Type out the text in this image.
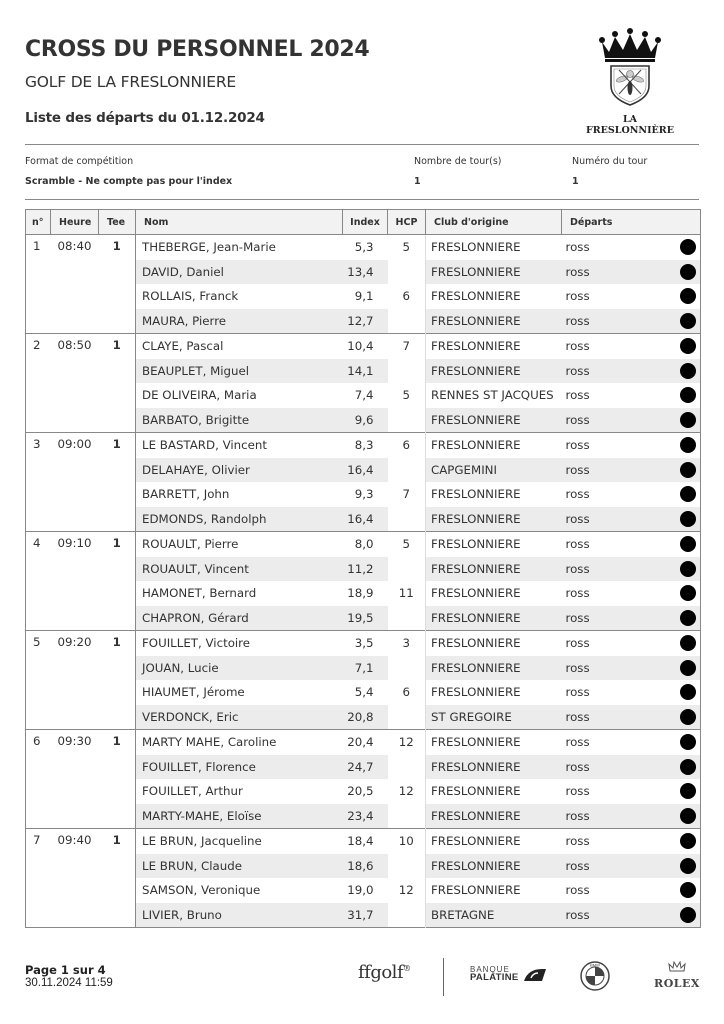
CROSS DU PERSONNEL 2024
GOLF DE LA FRESLONNIERE
Liste des départs du 01.12.2024	LA FRESLONNIÈRE
Format de compétition
Scramble - Ne compte pas pour l'index
Nombre de tour(s)
1
Numéro du tour
1
n°	Heure	Tee	Nom	Index	HCP	Club d'origine	Départs
1	08:40	1	THEBERGE, Jean-Marie	5,3	5	FRESLONNIERE	ross

			DAVID, Daniel	13,4		FRESLONNIERE	ross

			ROLLAIS, Franck	9,1	6	FRESLONNIERE	ross

			MAURA, Pierre	12,7		FRESLONNIERE	ross

2	08:50	1	CLAYE, Pascal	10,4	7	FRESLONNIERE	ross

			BEAUPLET, Miguel	14,1		FRESLONNIERE	ross

			DE OLIVEIRA, Maria	7,4	5	RENNES ST JACQUES	ross

			BARBATO, Brigitte	9,6		FRESLONNIERE	ross

3	09:00	1	LE BASTARD, Vincent	8,3	6	FRESLONNIERE	ross

			DELAHAYE, Olivier	16,4		CAPGEMINI	ross

			BARRETT, John	9,3	7	FRESLONNIERE	ross

			EDMONDS, Randolph	16,4		FRESLONNIERE	ross

4	09:10	1	ROUAULT, Pierre	8,0	5	FRESLONNIERE	ross

			ROUAULT, Vincent	11,2		FRESLONNIERE	ross

			HAMONET, Bernard	18,9	11	FRESLONNIERE	ross

			CHAPRON, Gérard	19,5		FRESLONNIERE	ross

5	09:20	1	FOUILLET, Victoire	3,5	3	FRESLONNIERE	ross

			JOUAN, Lucie	7,1		FRESLONNIERE	ross

			HIAUMET, Jérome	5,4	6	FRESLONNIERE	ross

			VERDONCK, Eric	20,8		ST GREGOIRE	ross

6	09:30	1	MARTY MAHE, Caroline	20,4	12	FRESLONNIERE	ross

			FOUILLET, Florence	24,7		FRESLONNIERE	ross

			FOUILLET, Arthur	20,5	12	FRESLONNIERE	ross

			MARTY-MAHE, Eloïse	23,4		FRESLONNIERE	ross

7	09:40	1	LE BRUN, Jacqueline	18,4	10	FRESLONNIERE	ross

			LE BRUN, Claude	18,6		FRESLONNIERE	ross

			SAMSON, Veronique	19,0	12	FRESLONNIERE	ross

			LIVIER, Bruno	31,7		BRETAGNE	ross
Page 1 sur 4
30.11.2024 11:59	ffgolf®	BANQUE
PALATINE
BMW
ROLEX
